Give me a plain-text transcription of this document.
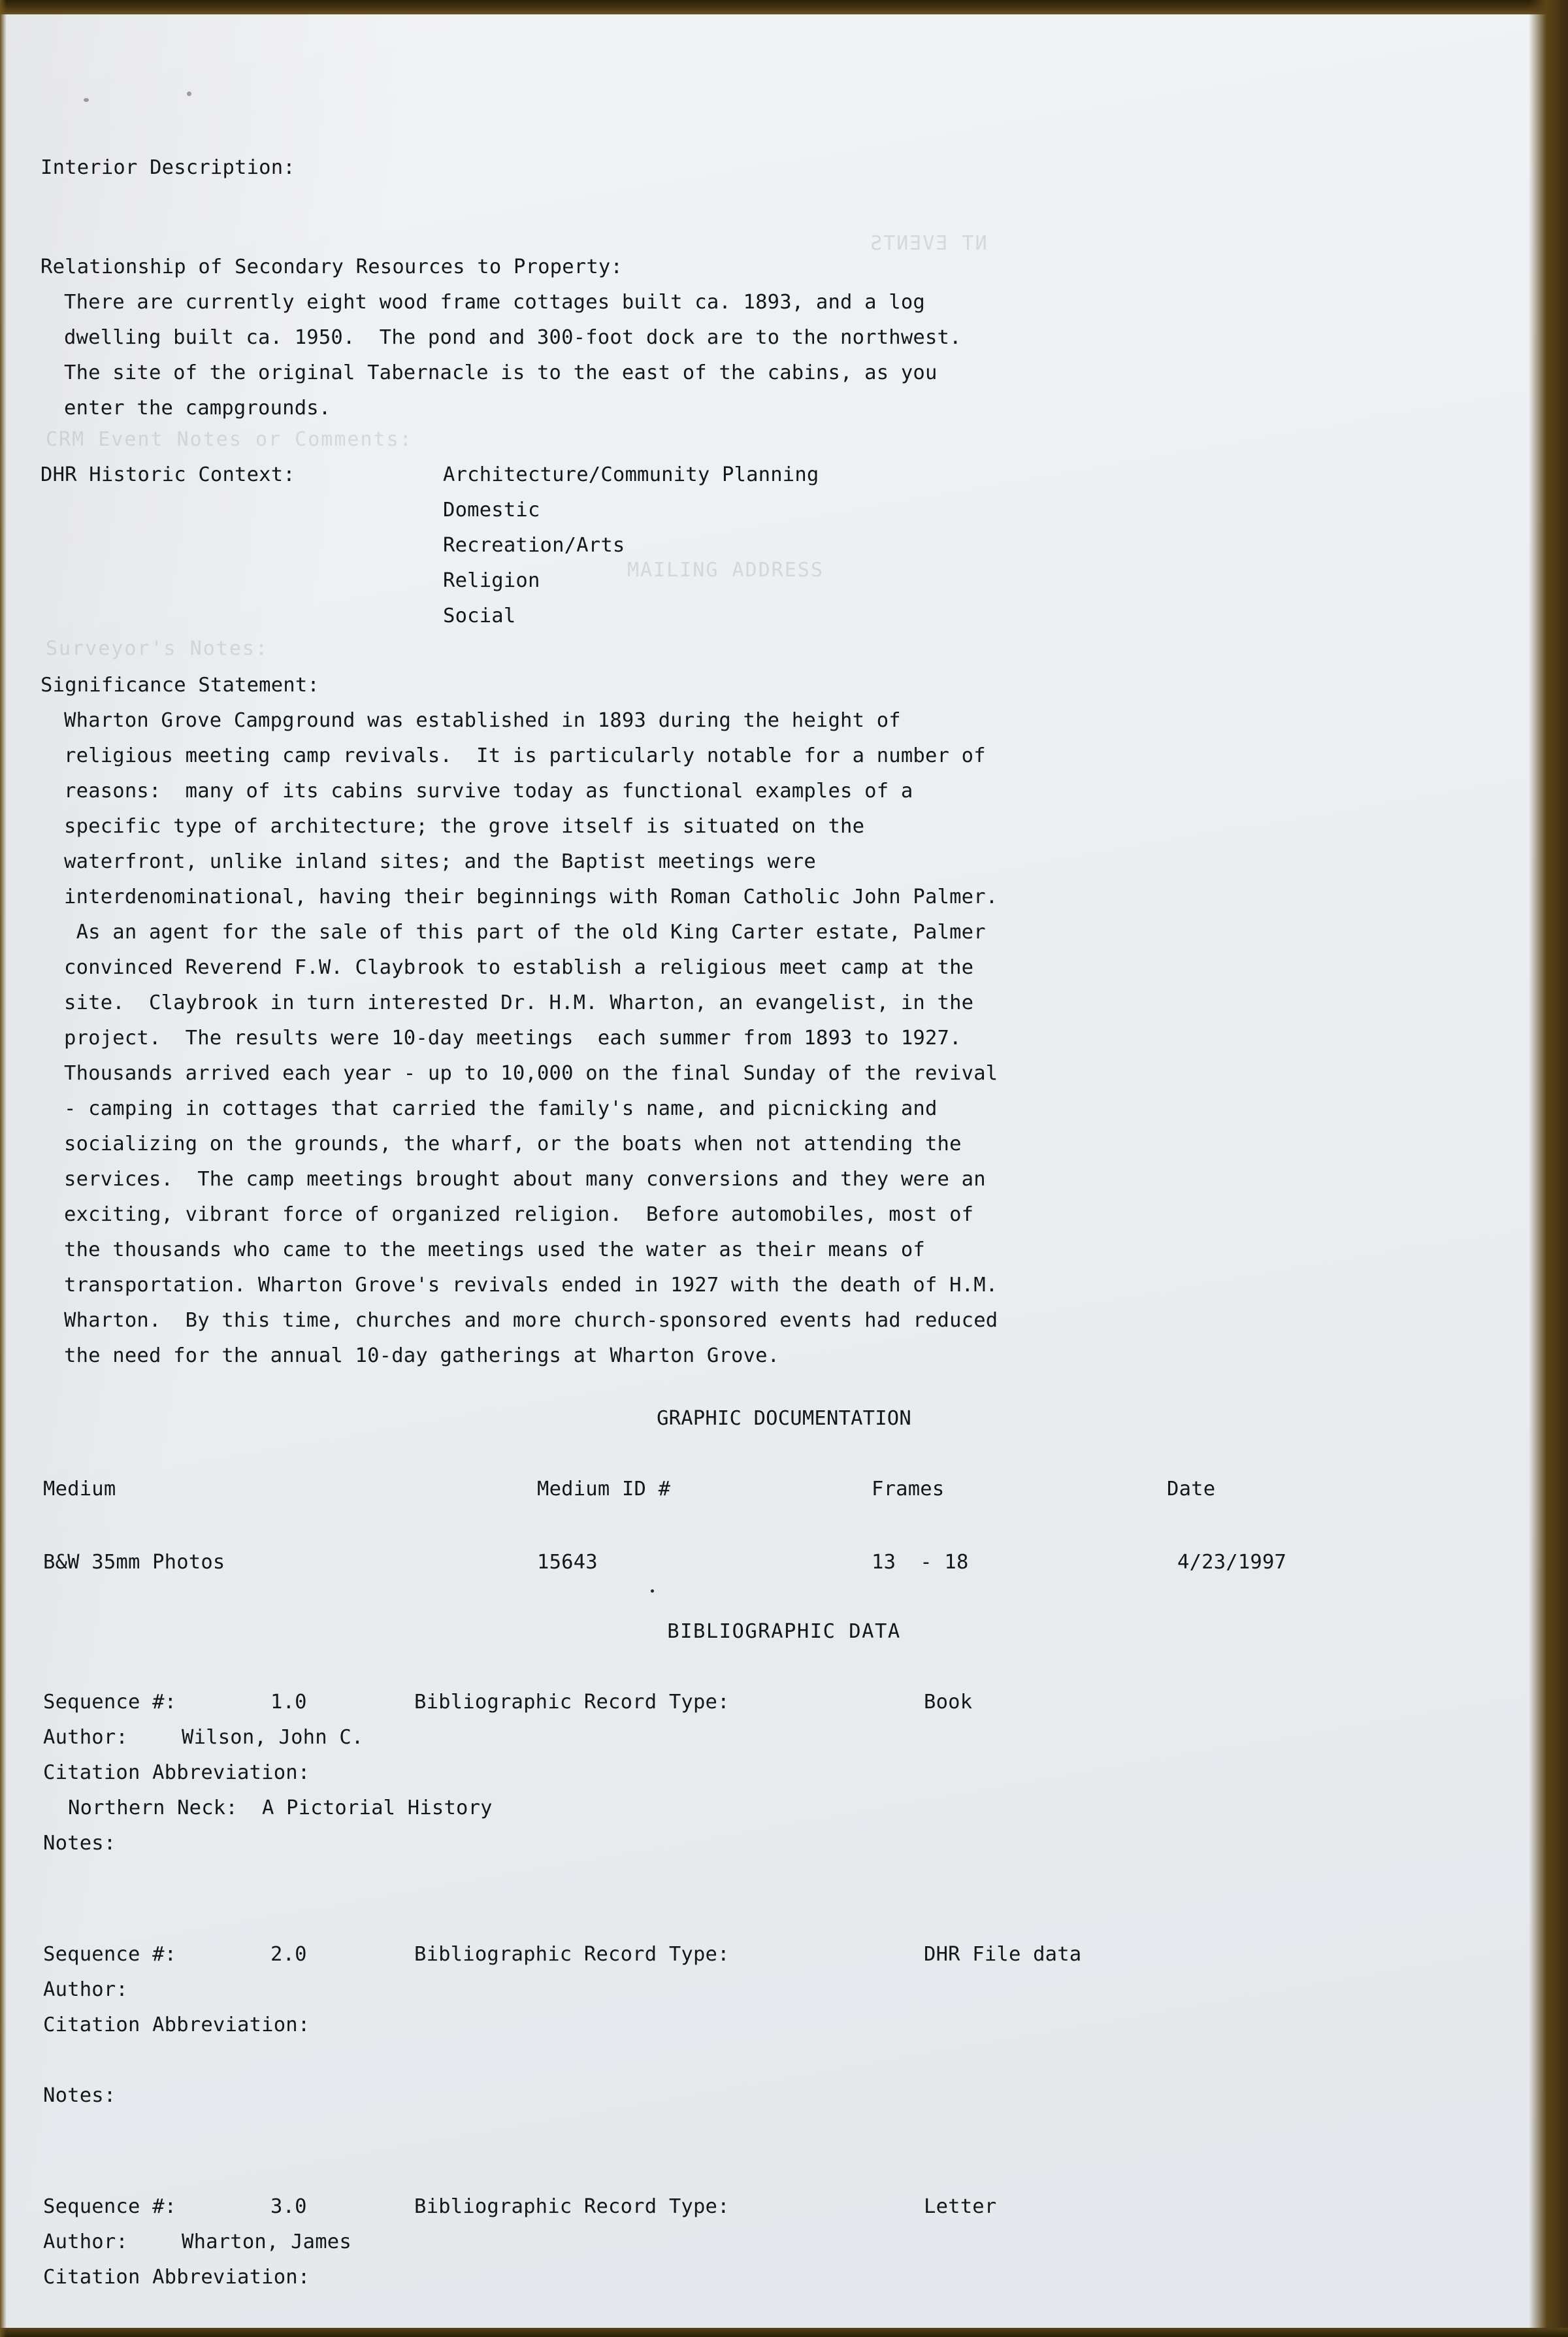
NT EVENTS
CRM Event Notes or Comments:
MAILING ADDRESS
Surveyor's Notes:
Interior Description:
Relationship of Secondary Resources to Property:
There are currently eight wood frame cottages built ca. 1893, and a log
dwelling built ca. 1950.  The pond and 300-foot dock are to the northwest.
The site of the original Tabernacle is to the east of the cabins, as you
enter the campgrounds.
DHR Historic Context:	Architecture/Community Planning
Domestic
Recreation/Arts
Religion
Social
Significance Statement:
Wharton Grove Campground was established in 1893 during the height of
religious meeting camp revivals.  It is particularly notable for a number of
reasons:  many of its cabins survive today as functional examples of a
specific type of architecture; the grove itself is situated on the
waterfront, unlike inland sites; and the Baptist meetings were
interdenominational, having their beginnings with Roman Catholic John Palmer.
As an agent for the sale of this part of the old King Carter estate, Palmer
convinced Reverend F.W. Claybrook to establish a religious meet camp at the
site.  Claybrook in turn interested Dr. H.M. Wharton, an evangelist, in the
project.  The results were 10-day meetings  each summer from 1893 to 1927.
Thousands arrived each year - up to 10,000 on the final Sunday of the revival
- camping in cottages that carried the family's name, and picnicking and
socializing on the grounds, the wharf, or the boats when not attending the
services.  The camp meetings brought about many conversions and they were an
exciting, vibrant force of organized religion.  Before automobiles, most of
the thousands who came to the meetings used the water as their means of
transportation. Wharton Grove's revivals ended in 1927 with the death of H.M.
Wharton.  By this time, churches and more church-sponsored events had reduced
the need for the annual 10-day gatherings at Wharton Grove.
GRAPHIC DOCUMENTATION
Medium	Medium ID #	Frames	Date
B&W 35mm Photos	15643	13  - 18	4/23/1997
BIBLIOGRAPHIC DATA
Sequence #:	1.0	Bibliographic Record Type:	Book
Author:	Wilson, John C.
Citation Abbreviation:
Northern Neck:  A Pictorial History
Notes:
Sequence #:	2.0	Bibliographic Record Type:	DHR File data
Author:
Citation Abbreviation:
Notes:
Sequence #:	3.0	Bibliographic Record Type:	Letter
Author:	Wharton, James
Citation Abbreviation:
